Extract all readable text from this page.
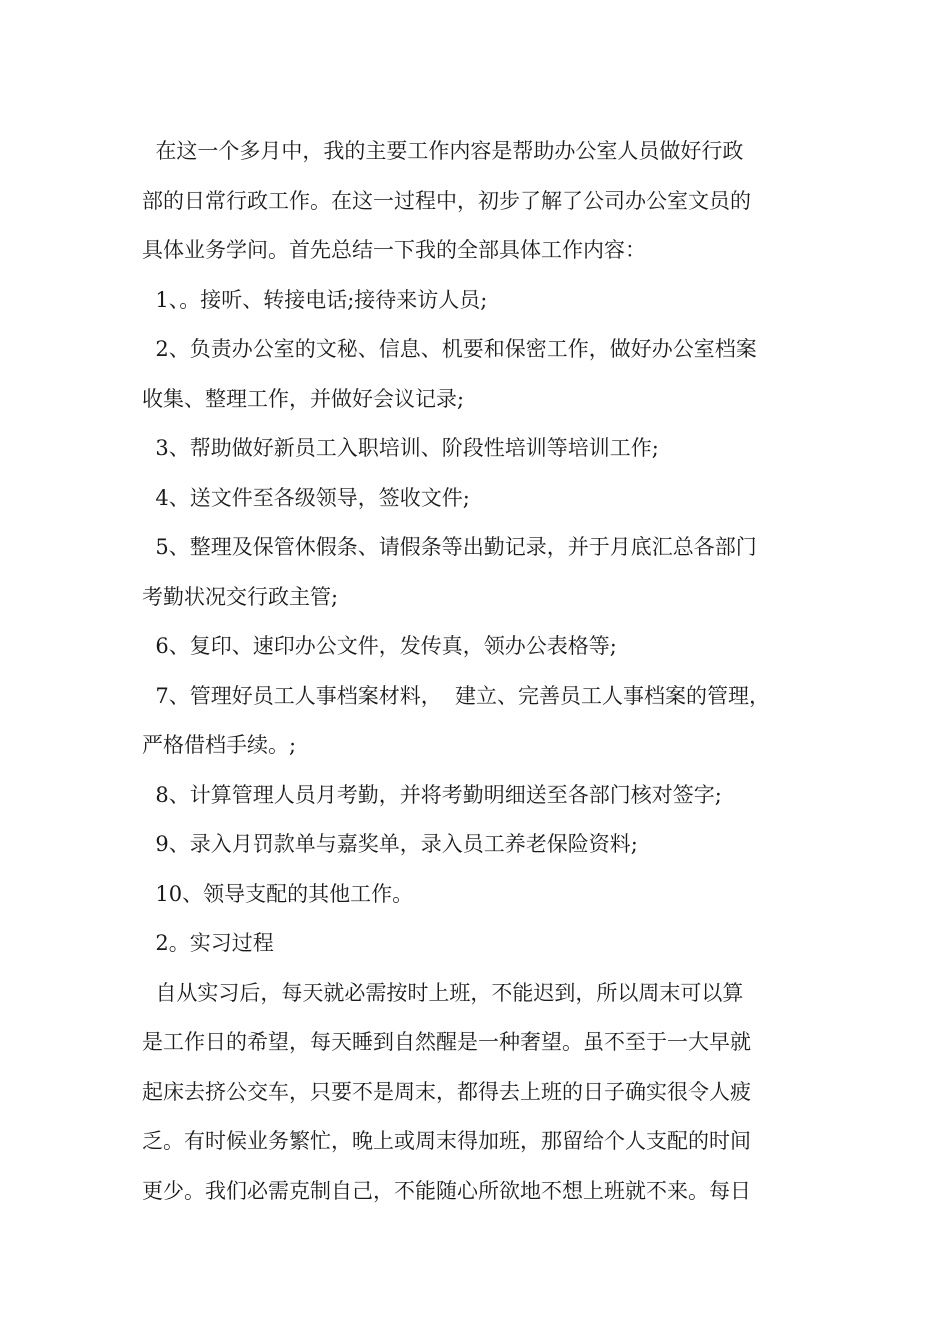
在这一个多月中，我的主要工作内容是帮助办公室人员做好行政
部的日常行政工作。在这一过程中，初步了解了公司办公室文员的
具体业务学问。首先总结一下我的全部具体工作内容：
1、。接听、转接电话;接待来访人员;
2、负责办公室的文秘、信息、机要和保密工作，做好办公室档案
收集、整理工作，并做好会议记录;
3、帮助做好新员工入职培训、阶段性培训等培训工作;
4、送文件至各级领导，签收文件;
5、整理及保管休假条、请假条等出勤记录，并于月底汇总各部门
考勤状况交行政主管;
6、复印、速印办公文件，发传真，领办公表格等;
7、管理好员工人事档案材料，  建立、完善员工人事档案的管理，
严格借档手续。;
8、计算管理人员月考勤，并将考勤明细送至各部门核对签字;
9、录入月罚款单与嘉奖单，录入员工养老保险资料;
10、领导支配的其他工作。
2。实习过程
自从实习后，每天就必需按时上班，不能迟到，所以周末可以算
是工作日的希望，每天睡到自然醒是一种奢望。虽不至于一大早就
起床去挤公交车，只要不是周末，都得去上班的日子确实很令人疲
乏。有时候业务繁忙，晚上或周末得加班，那留给个人支配的时间
更少。我们必需克制自己，不能随心所欲地不想上班就不来。每日
